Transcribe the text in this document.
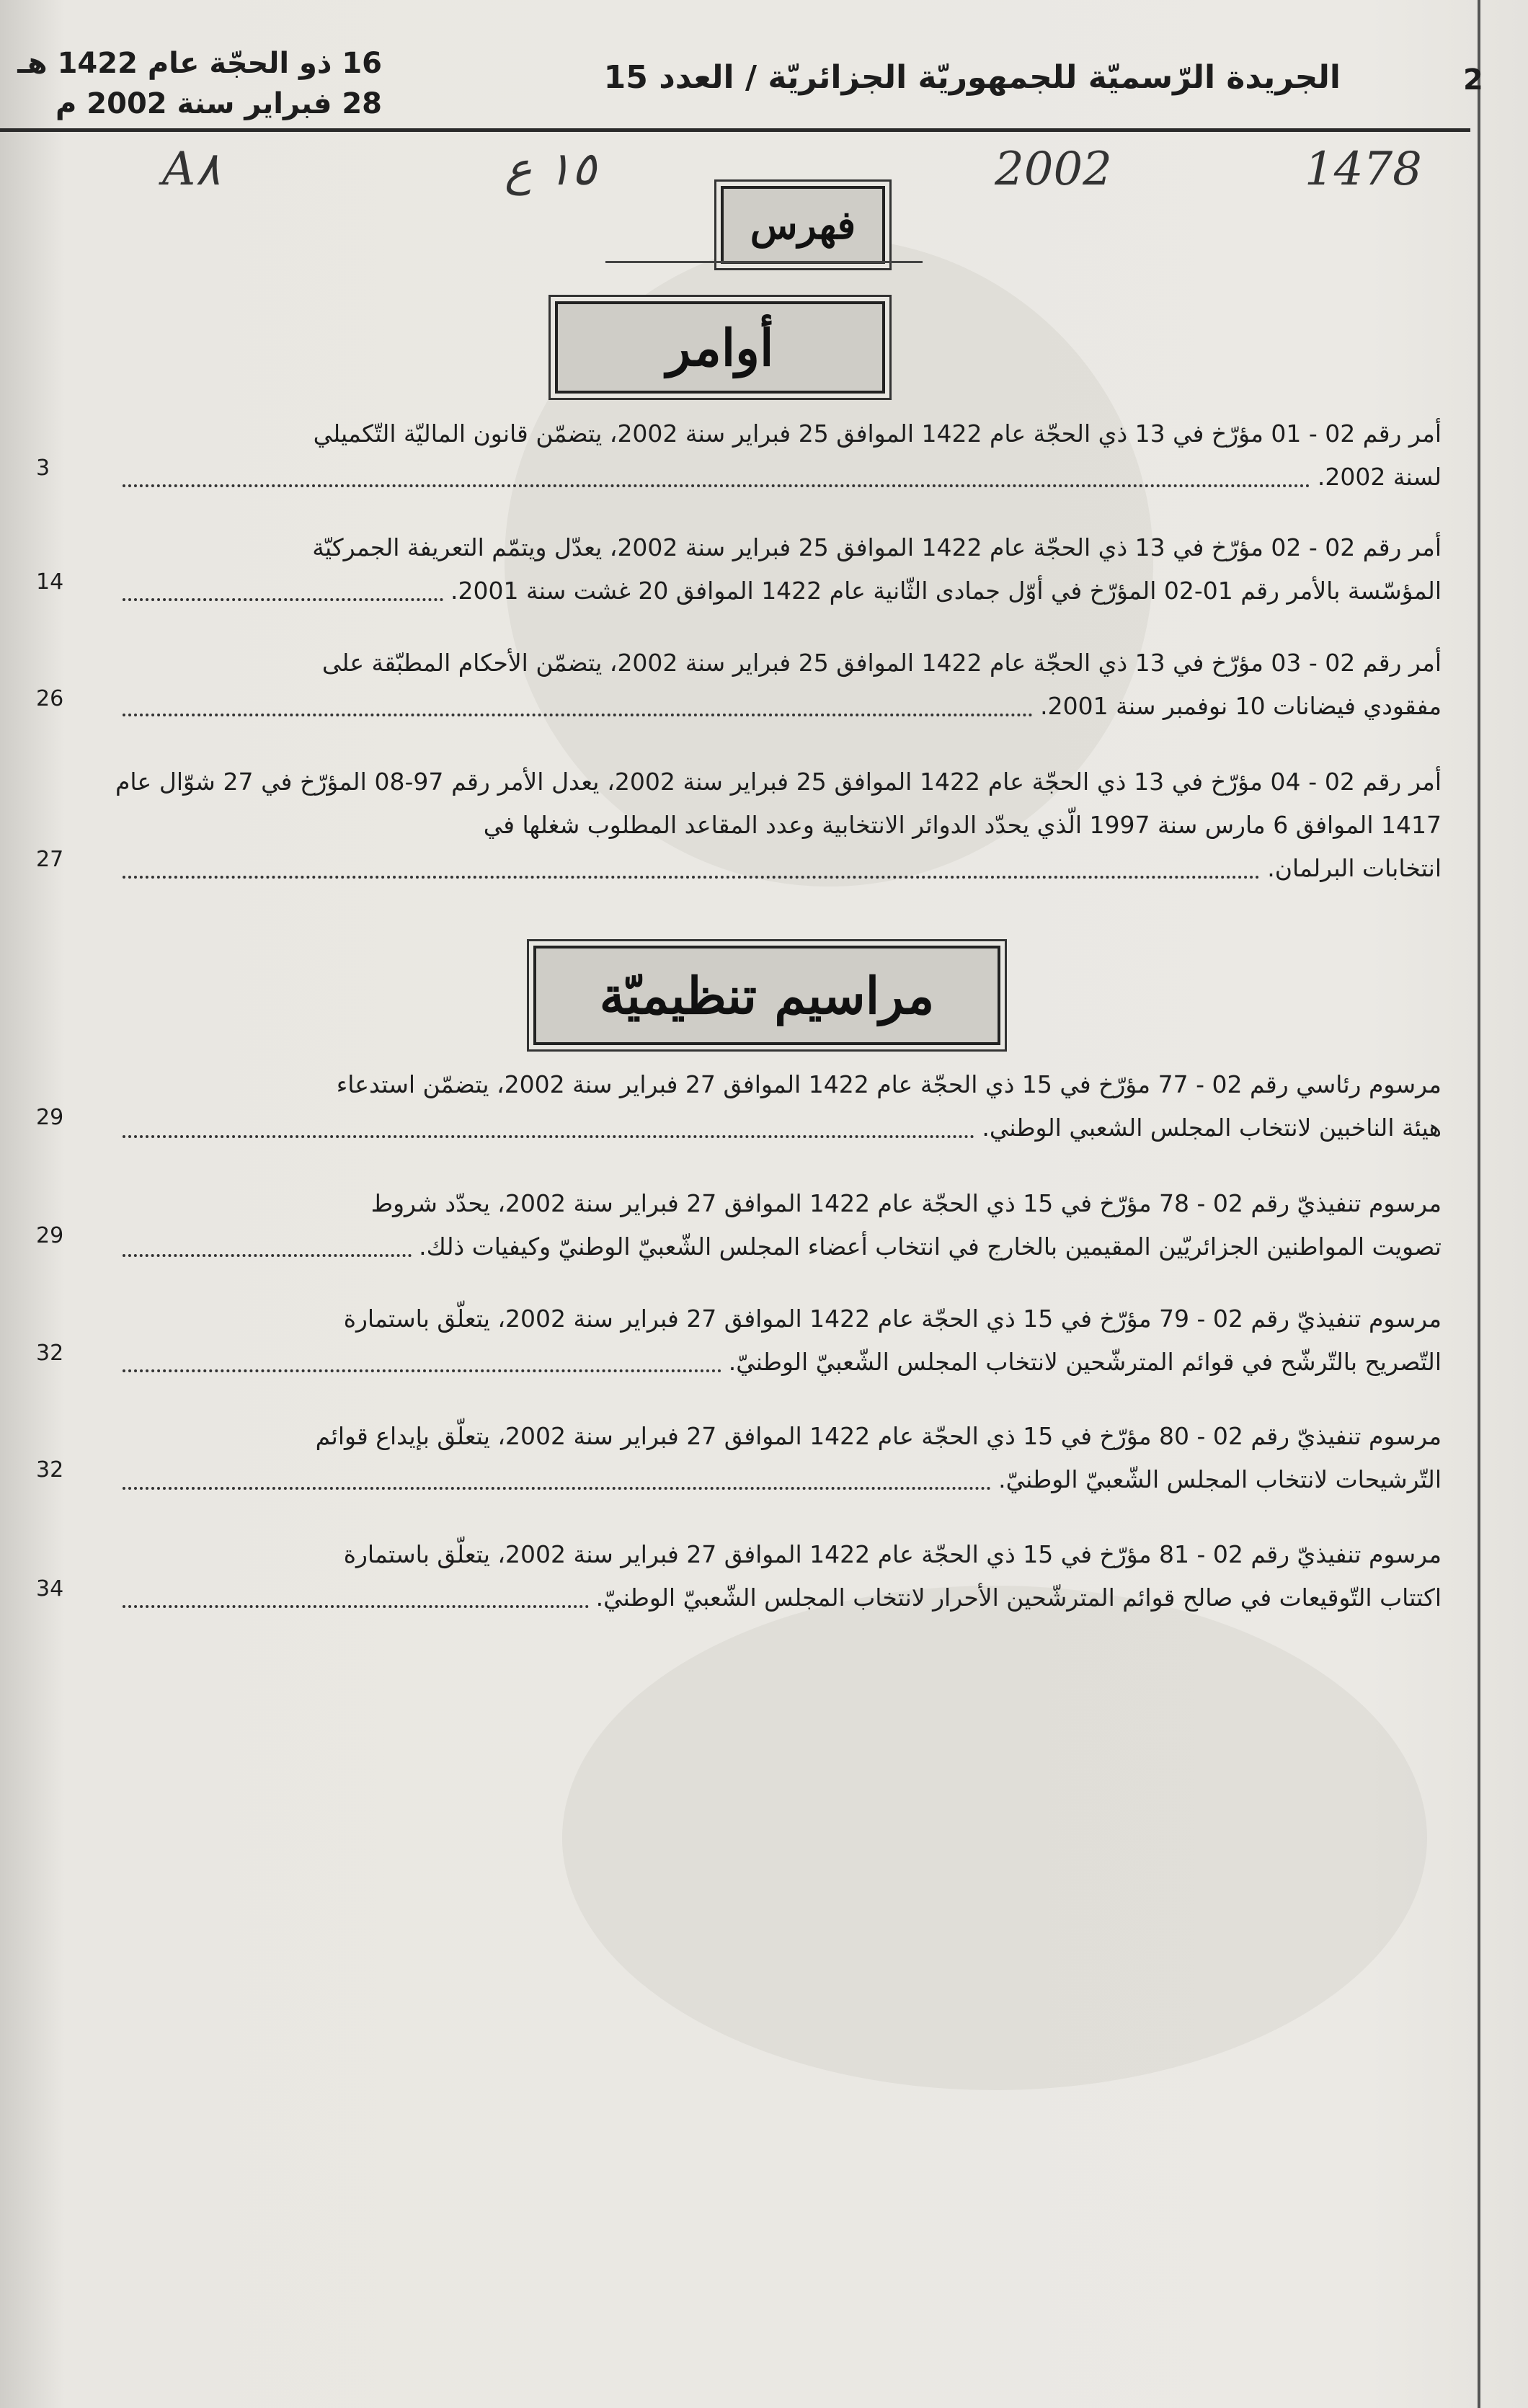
2
الجريدة الرّسميّة للجمهوريّة الجزائريّة / العدد 15
16 ذو الحجّة عام 1422 هـ
28 فبراير سنة 2002 م
A٨	١٥ ع	2002	1478
فهرس
أوامر

أمر رقم 02 - 01 مؤرّخ في 13 ذي الحجّة عام 1422 الموافق 25 فبراير سنة 2002، يتضمّن قانون الماليّة التّكميلي

لسنة 2002.
3

أمر رقم 02 - 02 مؤرّخ في 13 ذي الحجّة عام 1422 الموافق 25 فبراير سنة 2002، يعدّل ويتمّم التعريفة الجمركيّة

المؤسّسة بالأمر رقم 01-02 المؤرّخ في أوّل جمادى الثّانية عام 1422 الموافق 20 غشت سنة 2001.
14

أمر رقم 02 - 03 مؤرّخ في 13 ذي الحجّة عام 1422 الموافق 25 فبراير سنة 2002، يتضمّن الأحكام المطبّقة على

مفقودي فيضانات 10 نوفمبر سنة 2001.
26

أمر رقم 02 - 04 مؤرّخ في 13 ذي الحجّة عام 1422 الموافق 25 فبراير سنة 2002، يعدل الأمر رقم 97-08 المؤرّخ في 27 شوّال عام 1417 الموافق 6 مارس سنة 1997 الّذي يحدّد الدوائر الانتخابية وعدد المقاعد المطلوب شغلها في

انتخابات البرلمان.
27
مراسيم تنظيميّة

مرسوم رئاسي رقم 02 - 77 مؤرّخ في 15 ذي الحجّة عام 1422 الموافق 27 فبراير سنة 2002، يتضمّن استدعاء

هيئة الناخبين لانتخاب المجلس الشعبي الوطني.
29

مرسوم تنفيذيّ رقم 02 - 78 مؤرّخ في 15 ذي الحجّة عام 1422 الموافق 27 فبراير سنة 2002، يحدّد شروط

تصويت المواطنين الجزائريّين المقيمين بالخارج في انتخاب أعضاء المجلس الشّعبيّ الوطنيّ وكيفيات ذلك.
29

مرسوم تنفيذيّ رقم 02 - 79 مؤرّخ في 15 ذي الحجّة عام 1422 الموافق 27 فبراير سنة 2002، يتعلّق باستمارة

التّصريح بالتّرشّح في قوائم المترشّحين لانتخاب المجلس الشّعبيّ الوطنيّ.
32

مرسوم تنفيذيّ رقم 02 - 80 مؤرّخ في 15 ذي الحجّة عام 1422 الموافق 27 فبراير سنة 2002، يتعلّق بإيداع قوائم

التّرشيحات لانتخاب المجلس الشّعبيّ الوطنيّ.
32

مرسوم تنفيذيّ رقم 02 - 81 مؤرّخ في 15 ذي الحجّة عام 1422 الموافق 27 فبراير سنة 2002، يتعلّق باستمارة

اكتتاب التّوقيعات في صالح قوائم المترشّحين الأحرار لانتخاب المجلس الشّعبيّ الوطنيّ.
34
